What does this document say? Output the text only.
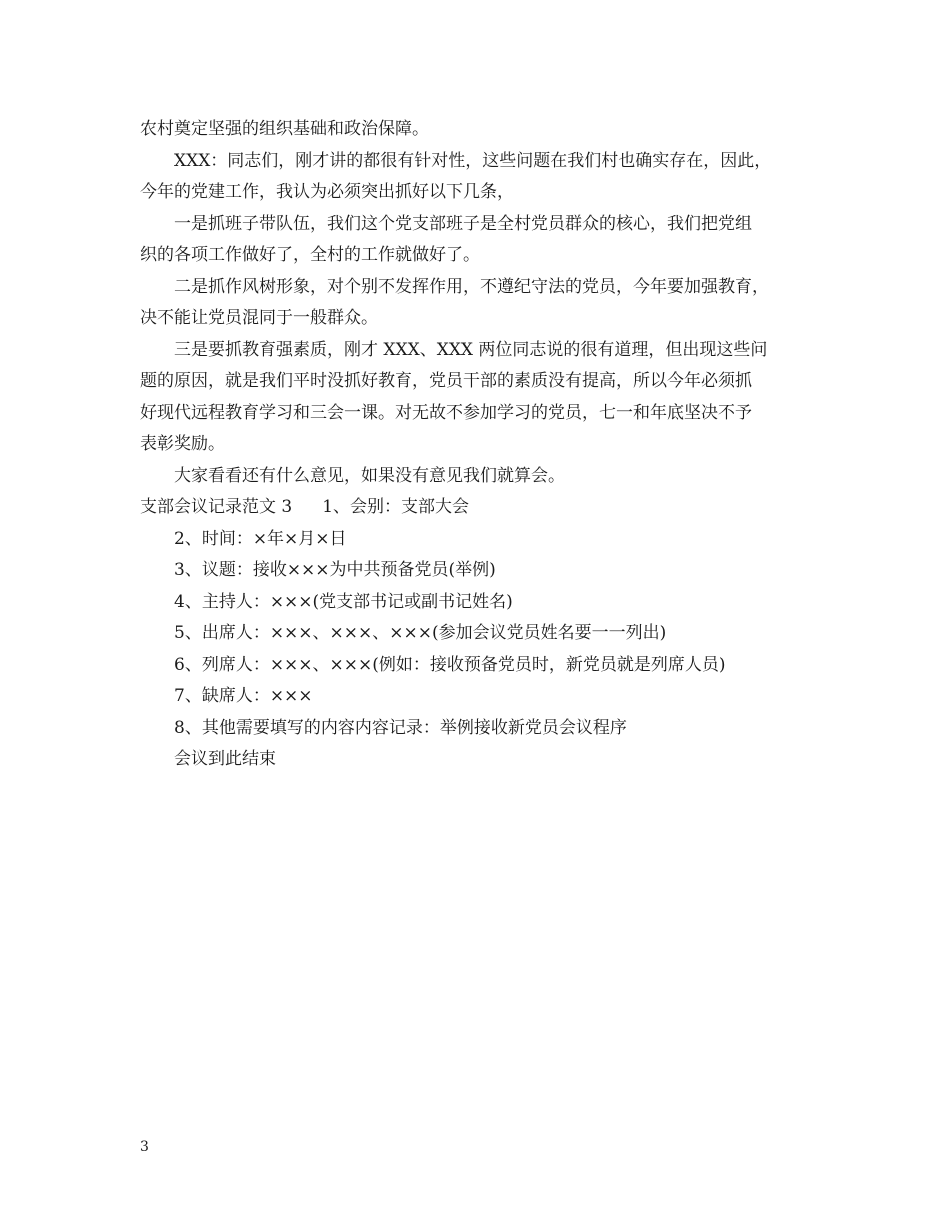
农村奠定坚强的组织基础和政治保障。

XXX：同志们，刚才讲的都很有针对性，这些问题在我们村也确实存在，因此，

今年的党建工作，我认为必须突出抓好以下几条，

一是抓班子带队伍，我们这个党支部班子是全村党员群众的核心，我们把党组

织的各项工作做好了，全村的工作就做好了。

二是抓作风树形象，对个别不发挥作用，不遵纪守法的党员，今年要加强教育，

决不能让党员混同于一般群众。

三是要抓教育强素质，刚才 XXX、XXX 两位同志说的很有道理，但出现这些问

题的原因，就是我们平时没抓好教育，党员干部的素质没有提高，所以今年必须抓

好现代远程教育学习和三会一课。对无故不参加学习的党员，七一和年底坚决不予

表彰奖励。

大家看看还有什么意见，如果没有意见我们就算会。

支部会议记录范文 3 1、会别：支部大会

2、时间：×年×月×日

3、议题：接收×××为中共预备党员(举例)

4、主持人：×××(党支部书记或副书记姓名)

5、出席人：×××、×××、×××(参加会议党员姓名要一一列出)

6、列席人：×××、×××(例如：接收预备党员时，新党员就是列席人员)

7、缺席人：×××

8、其他需要填写的内容内容记录：举例接收新党员会议程序

会议到此结束

3
